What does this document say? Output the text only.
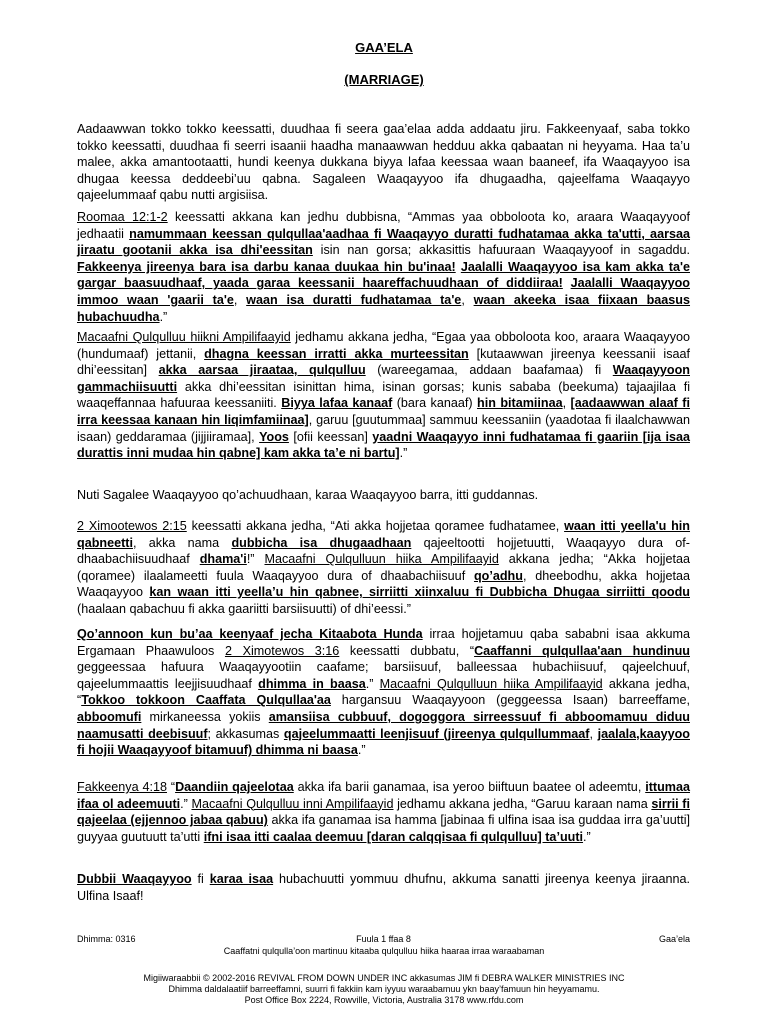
GAA’ELA
(MARRIAGE)

Aadaawwan tokko tokko keessatti, duudhaa fi seera gaa’elaa adda addaatu jiru. Fakkeenyaaf, saba tokko tokko keessatti, duudhaa fi seerri isaanii haadha manaawwan hedduu akka qabaatan ni heyyama. Haa ta’u malee, akka amantootaatti, hundi keenya dukkana biyya lafaa keessaa waan baaneef, ifa Waaqayyoo isa dhugaa keessa deddeebi’uu qabna. Sagaleen Waaqayyoo ifa dhugaadha, qajeelfama Waaqayyo qajeelummaaf qabu nutti argisiisa.

Roomaa 12:1-2 keessatti akkana kan jedhu dubbisna, “Ammas yaa obboloota ko, araara Waaqayyoof jedhaatii namummaan keessan qulqullaa'aadhaa fi Waaqayyo duratti fudhatamaa akka ta'utti, aarsaa jiraatu gootanii akka isa dhi'eessitan isin nan gorsa; akkasittis hafuuraan Waaqayyoof in sagaddu. Fakkeenya jireenya bara isa darbu kanaa duukaa hin bu'inaa! Jaalalli Waaqayyoo isa kam akka ta'e gargar baasuudhaaf, yaada garaa keessanii haareffachuudhaan of diddiiraa! Jaalalli Waaqayyoo immoo waan 'gaarii ta'e, waan isa duratti fudhatamaa ta'e, waan akeeka isaa fiixaan baasus hubachuudha.”

Macaafni Qulqulluu hiikni Ampilifaayid jedhamu akkana jedha, “Egaa yaa obboloota koo, araara Waaqayyoo (hundumaaf) jettanii, dhagna keessan irratti akka murteessitan [kutaawwan jireenya keessanii isaaf dhi’eessitan] akka aarsaa jiraataa, qulqulluu (wareegamaa, addaan baafamaa) fi Waaqayyoon gammachiisuutti akka dhi’eessitan isinittan hima, isinan gorsas; kunis sababa (beekuma) tajaajilaa fi waaqeffannaa hafuuraa keessaniiti. Biyya lafaa kanaaf (bara kanaaf) hin bitamiinaa, [aadaawwan alaaf fi irra keessaa kanaan hin liqimfamiinaa], garuu [guutummaa] sammuu keessaniin (yaadotaa fi ilaalchawwan isaan) geddaramaa (jijjiiramaa], Yoos [ofii keessan] yaadni Waaqayyo inni fudhatamaa fi gaariin [ija isaa durattis inni mudaa hin qabne] kam akka ta’e ni bartu].”

Nuti Sagalee Waaqayyoo qo’achuudhaan, karaa Waaqayyoo barra, itti guddannas.

2 Ximootewos 2:15 keessatti akkana jedha, “Ati akka hojjetaa qoramee fudhatamee, waan itti yeella'u hin qabneetti, akka nama dubbicha isa dhugaadhaan qajeeltootti hojjetuutti, Waaqayyo dura of-dhaabachiisuudhaaf dhama'i!” Macaafni Qulqulluun hiika Ampilifaayid akkana jedha; “Akka hojjetaa (qoramee) ilaalameetti fuula Waaqayyoo dura of dhaabachiisuuf qo’adhu, dheebodhu, akka hojjetaa Waaqayyoo kan waan itti yeella’u hin qabnee, sirriitti xiinxaluu fi Dubbicha Dhugaa sirriitti qoodu (haalaan qabachuu fi akka gaariitti barsiisuutti) of dhi’eessi.”

Qo’annoon kun bu’aa keenyaaf jecha Kitaabota Hunda irraa hojjetamuu qaba sababni isaa akkuma Ergamaan Phaawuloos 2 Ximotewos 3:16 keessatti dubbatu, “Caaffanni qulqullaa'aan hundinuu geggeessaa hafuura Waaqayyootiin caafame; barsiisuuf, balleessaa hubachiisuuf, qajeelchuuf, qajeelummaattis leejjisuudhaaf dhimma in baasa.” Macaafni Qulqulluun hiika Ampilifaayid akkana jedha, “Tokkoo tokkoon Caaffata Qulqullaa'aa hargansuu Waaqayyoon (geggeessa Isaan) barreeffame, abboomufi mirkaneessa yokiis amansiisa cubbuuf, dogoggora sirreessuuf fi abboomamuu diduu naamusatti deebisuuf; akkasumas qajeelummaatti leenjisuuf (jireenya qulqullummaaf, jaalala,kaayyoo fi hojii Waaqayyoof bitamuuf) dhimma ni baasa.”

Fakkeenya 4:18 “Daandiin qajeelotaa akka ifa barii ganamaa, isa yeroo biiftuun baatee ol adeemtu, ittumaa ifaa ol adeemuuti.” Macaafni Qulqulluu inni Ampilifaayid jedhamu akkana jedha, “Garuu karaan nama sirrii fi qajeelaa (ejjennoo jabaa qabuu) akka ifa ganamaa isa hamma [jabinaa fi ulfina isaa isa guddaa irra ga’uutti] guyyaa guutuutt ta’utti ifni isaa itti caalaa deemuu [daran calqqisaa fi qulqulluu] ta’uuti.”

Dubbii Waaqayyoo fi karaa isaa hubachuutti yommuu dhufnu, akkuma sanatti jireenya keenya jiraanna. Ulfina Isaaf!

Dhimma: 0316	Fuula 1 ffaa 8	Gaa’ela
Caaffatni qulqulla’oon martinuu kitaaba qulqulluu hiika haaraa irraa waraabaman
Migiiwaraabbii © 2002-2016 REVIVAL FROM DOWN UNDER INC akkasumas JIM fi DEBRA WALKER MINISTRIES INC
Dhimma daldalaatiif barreeffamni, suurri fi fakkiin kam iyyuu waraabamuu ykn baay’famuun hin heyyamamu.
Post Office Box 2224, Rowville, Victoria, Australia 3178 www.rfdu.com
